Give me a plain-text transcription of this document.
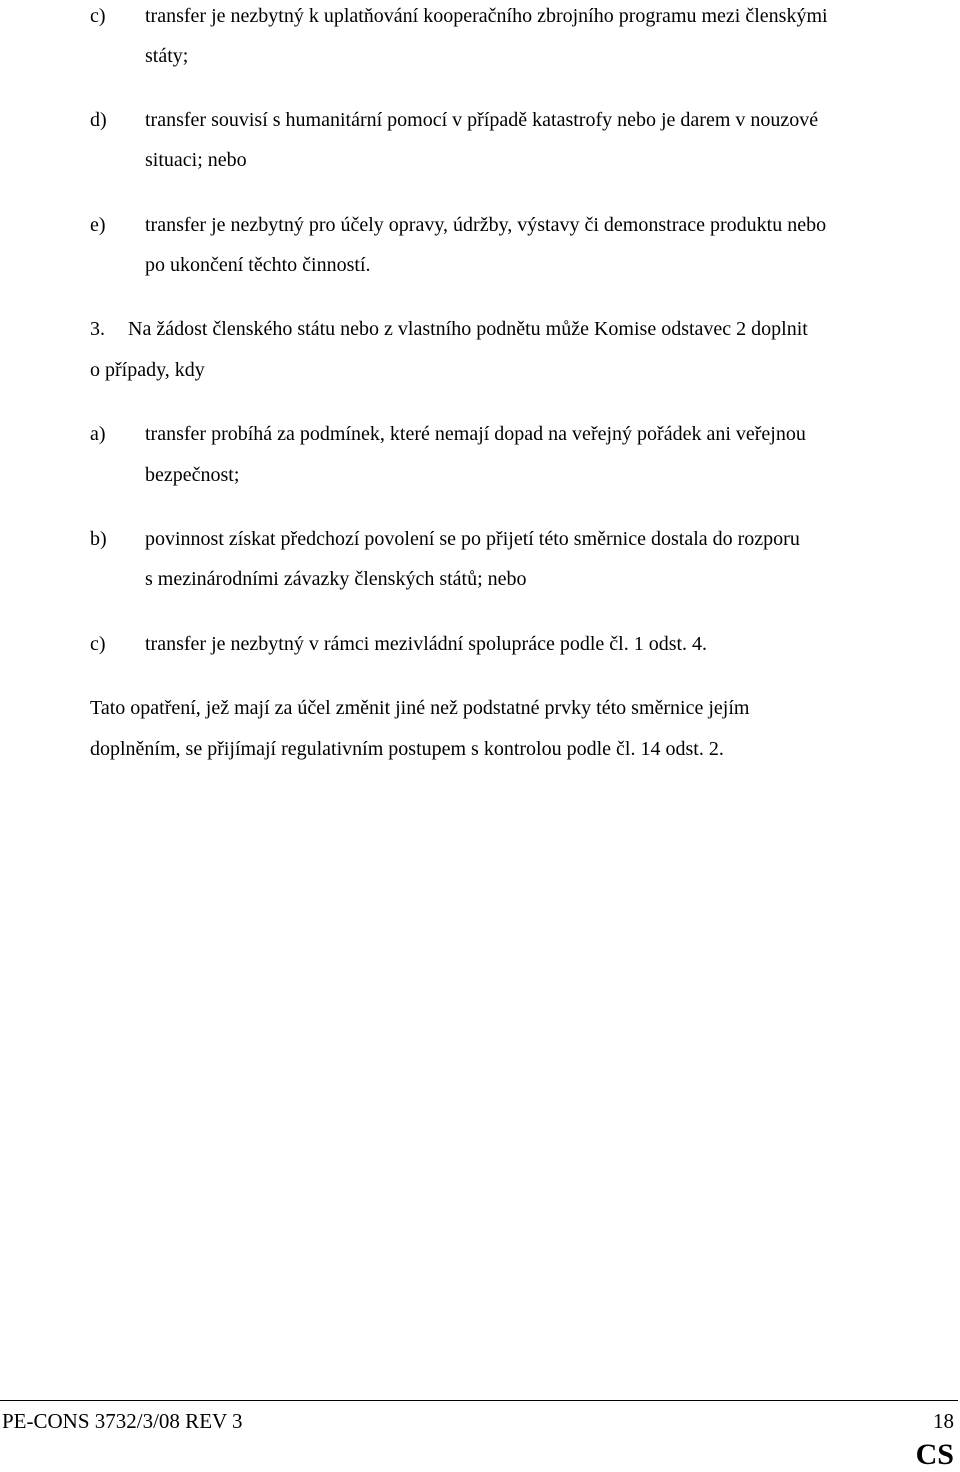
c) transfer je nezbytný k uplatňování kooperačního zbrojního programu mezi členskými
státy;
d) transfer souvisí s humanitární pomocí v případě katastrofy nebo je darem v nouzové
situaci; nebo
e) transfer je nezbytný pro účely opravy, údržby, výstavy či demonstrace produktu nebo
po ukončení těchto činností.
3. Na žádost členského státu nebo z vlastního podnětu může Komise odstavec 2 doplnit
o případy, kdy
a) transfer probíhá za podmínek, které nemají dopad na veřejný pořádek ani veřejnou
bezpečnost;
b) povinnost získat předchozí povolení se po přijetí této směrnice dostala do rozporu
s mezinárodními závazky členských států; nebo
c) transfer je nezbytný v rámci mezivládní spolupráce podle čl. 1 odst. 4.
Tato opatření, jež mají za účel změnit jiné než podstatné prvky této směrnice jejím
doplněním, se přijímají regulativním postupem s kontrolou podle čl. 14 odst. 2.
PE-CONS 3732/3/08 REV 3	18
CS
